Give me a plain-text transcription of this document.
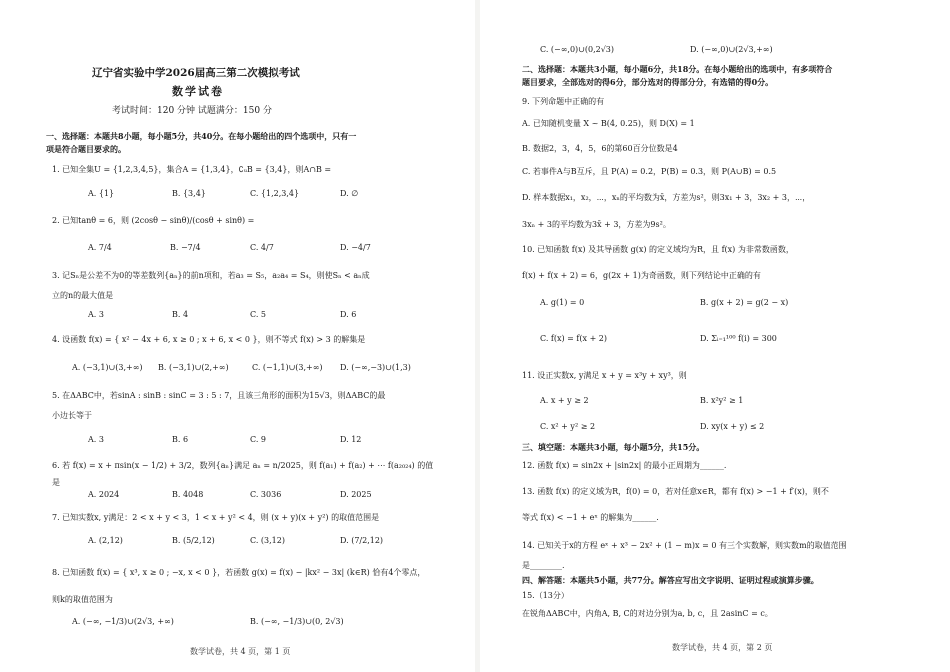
辽宁省实验中学2026届高三第二次模拟考试
数学试卷
考试时间：120 分钟 试题满分：150 分
一、选择题：本题共8小题，每小题5分，共40分。在每小题给出的四个选项中，只有一
项是符合题目要求的。
1. 已知全集U = {1,2,3,4,5}，集合A = {1,3,4}，∁ᵤB = {3,4}，则A∩B =
A. {1}	B. {3,4}	C. {1,2,3,4}	D. ∅
2. 已知tanθ = 6，则 (2cosθ − sinθ)/(cosθ + sinθ) =
A. 7/4	B. −7/4	C. 4/7	D. −4/7
3. 记Sₙ是公差不为0的等差数列{aₙ}的前n项和，若a₃ = S₅，a₂a₄ = S₄，则使Sₙ < aₙ成
立的n的最大值是
A. 3	B. 4	C. 5	D. 6
4. 设函数 f(x) = { x² − 4x + 6, x ≥ 0 ; x + 6, x < 0 }，则不等式 f(x) > 3 的解集是
A. (−3,1)∪(3,+∞) B. (−3,1)∪(2,+∞)	C. (−1,1)∪(3,+∞) D. (−∞,−3)∪(1,3)
5. 在ΔABC中，若sinA : sinB : sinC = 3 : 5 : 7，且该三角形的面积为15√3，则ΔABC的最
小边长等于
A. 3	B. 6	C. 9	D. 12
6. 若 f(x) = x + πsin(x − 1/2) + 3/2，数列{aₙ}满足 aₙ = n/2025，则 f(a₁) + f(a₂) + ⋯ f(a₂₀₂₄) 的值
是
A. 2024	B. 4048	C. 3036	D. 2025
7. 已知实数x, y满足：2 < x + y < 3，1 < x + y² < 4，则 (x + y)(x + y²) 的取值范围是
A. (2,12)	B. (5/2,12)	C. (3,12)	D. (7/2,12)
8. 已知函数 f(x) = { x³, x ≥ 0 ; −x, x < 0 }，若函数 g(x) = f(x) − |kx² − 3x| (k∈R) 恰有4个零点，
则k的取值范围为
A. (−∞, −1/3)∪(2√3, +∞)	B. (−∞, −1/3)∪(0, 2√3)
数学试卷，共 4 页，第 1 页
C. (−∞,0)∪(0,2√3)	D. (−∞,0)∪(2√3,+∞)
二、选择题：本题共3小题，每小题6分，共18分。在每小题给出的选项中，有多项符合
题目要求，全部选对的得6分，部分选对的得部分分，有选错的得0分。
9. 下列命题中正确的有
A. 已知随机变量 X ~ B(4, 0.25)，则 D(X) = 1
B. 数据2，3，4，5，6的第60百分位数是4
C. 若事件A与B互斥，且 P(A) = 0.2，P(B) = 0.3，则 P(A∪B) = 0.5
D. 样本数据x₁，x₂，⋯，xₙ的平均数为x̄，方差为s²，则3x₁ + 3，3x₂ + 3，⋯，
3xₙ + 3的平均数为3x̄ + 3，方差为9s²。
10. 已知函数 f(x) 及其导函数 g(x) 的定义域均为R，且 f(x) 为非常数函数，
f(x) + f(x + 2) = 6，g(2x + 1)为奇函数，则下列结论中正确的有
A. g(1) = 0	B. g(x + 2) = g(2 − x)
C. f(x) = f(x + 2)	D. Σᵢ₌₁¹⁰⁰ f(i) = 300
11. 设正实数x, y满足 x + y = x³y + xy³，则
A. x + y ≥ 2	B. x²y² ≥ 1
C. x² + y² ≥ 2	D. xy(x + y) ≤ 2
三、填空题：本题共3小题，每小题5分，共15分。
12. 函数 f(x) = sin2x + |sin2x| 的最小正周期为______.
13. 函数 f(x) 的定义域为R，f(0) = 0，若对任意x∈R，都有 f(x) > −1 + f′(x)，则不
等式 f(x) < −1 + eˣ 的解集为______.
14. 已知关于x的方程 eˣ + x³ − 2x² + (1 − m)x = 0 有三个实数解，则实数m的取值范围
是________.
四、解答题：本题共5小题，共77分。解答应写出文字说明、证明过程或演算步骤。
15.（13分）
在锐角ΔABC中，内角A, B, C的对边分别为a, b, c，且 2asinC = c。
数学试卷，共 4 页，第 2 页
